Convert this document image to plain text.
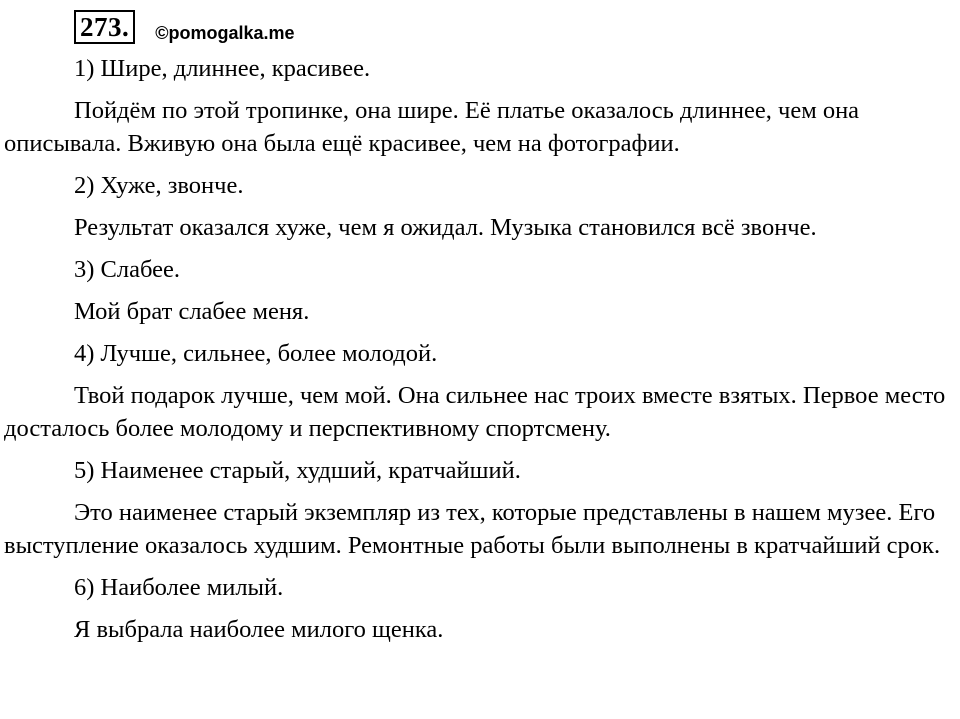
273.	©pomogalka.me

1) Шире, длиннее, красивее.

Пойдём по этой тропинке, она шире. Её платье оказалось длиннее, чем она описывала. Вживую она была ещё красивее, чем на фотографии.

2) Хуже, звонче.

Результат оказался хуже, чем я ожидал. Музыка становился всё звонче.

3) Слабее.

Мой брат слабее меня.

4) Лучше, сильнее, более молодой.

Твой подарок лучше, чем мой. Она сильнее нас троих вместе взятых. Первое место досталось более молодому и перспективному спортсмену.

5) Наименее старый, худший, кратчайший.

Это наименее старый экземпляр из тех, которые представлены в нашем музее. Его выступление оказалось худшим. Ремонтные работы были выполнены в кратчайший срок.

6) Наиболее милый.

Я выбрала наиболее милого щенка.
